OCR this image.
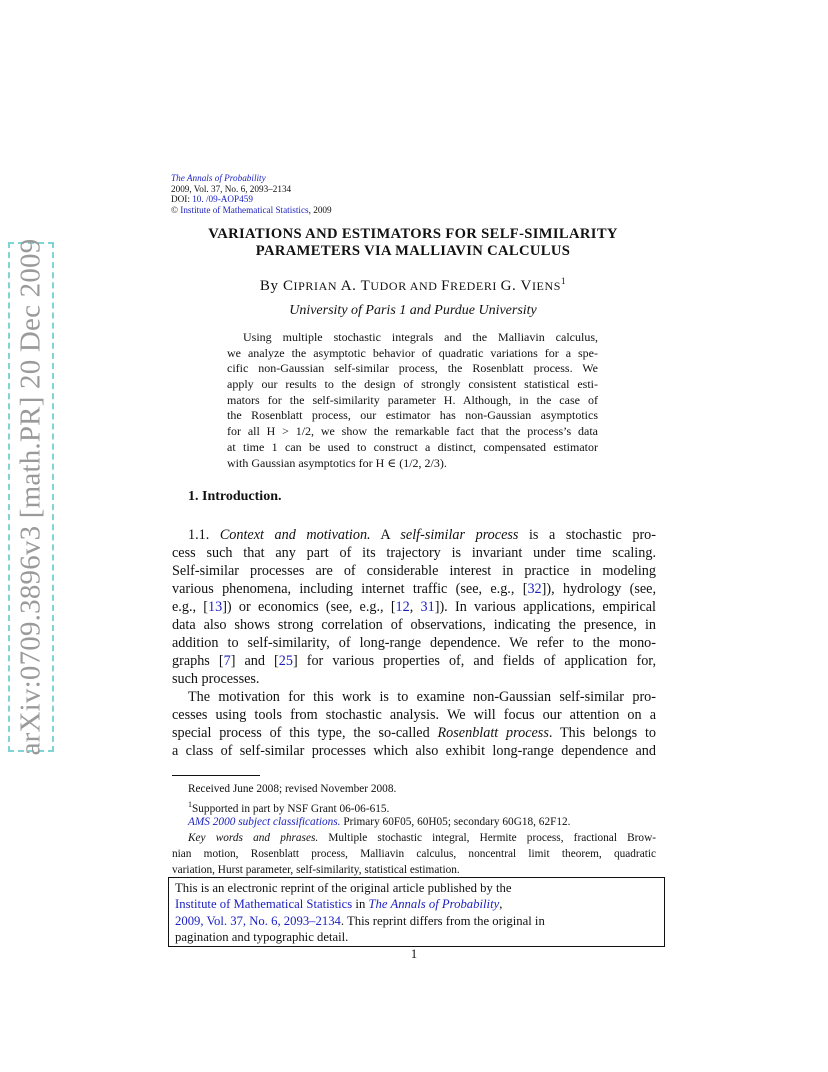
arXiv:0709.3896v3 [math.PR] 20 Dec 2009
The Annals of Probability
2009, Vol. 37, No. 6, 2093–2134
DOI: 10. /09-AOP459
© Institute of Mathematical Statistics, 2009
VARIATIONS AND ESTIMATORS FOR SELF-SIMILARITY
PARAMETERS VIA MALLIAVIN CALCULUS
By CIPRIAN A. TUDOR AND FREDERI G. VIENS$^1$
University of Paris 1 and Purdue University
Using multiple stochastic integrals and the Malliavin calculus,
we analyze the asymptotic behavior of quadratic variations for a spe-
cific non-Gaussian self-similar process, the Rosenblatt process. We
apply our results to the design of strongly consistent statistical esti-
mators for the self-similarity parameter H. Although, in the case of
the Rosenblatt process, our estimator has non-Gaussian asymptotics
for all H > 1/2, we show the remarkable fact that the process’s data
at time 1 can be used to construct a distinct, compensated estimator
with Gaussian asymptotics for H ∈ (1/2, 2/3).
1. Introduction.
1.1. Context and motivation. A self-similar process is a stochastic pro-
cess such that any part of its trajectory is invariant under time scaling.
Self-similar processes are of considerable interest in practice in modeling
various phenomena, including internet traffic (see, e.g., [32]), hydrology (see,
e.g., [13]) or economics (see, e.g., [12, 31]). In various applications, empirical
data also shows strong correlation of observations, indicating the presence, in
addition to self-similarity, of long-range dependence. We refer to the mono-
graphs [7] and [25] for various properties of, and fields of application for,
such processes.
The motivation for this work is to examine non-Gaussian self-similar pro-
cesses using tools from stochastic analysis. We will focus our attention on a
special process of this type, the so-called Rosenblatt process. This belongs to
a class of self-similar processes which also exhibit long-range dependence and
Received June 2008; revised November 2008.
$^1$Supported in part by NSF Grant 06-06-615.
AMS 2000 subject classifications. Primary 60F05, 60H05; secondary 60G18, 62F12.
Key words and phrases. Multiple stochastic integral, Hermite process, fractional Brow-
nian motion, Rosenblatt process, Malliavin calculus, noncentral limit theorem, quadratic
variation, Hurst parameter, self-similarity, statistical estimation.
This is an electronic reprint of the original article published by the
Institute of Mathematical Statistics in The Annals of Probability,
2009, Vol. 37, No. 6, 2093–2134. This reprint differs from the original in
pagination and typographic detail.
1
